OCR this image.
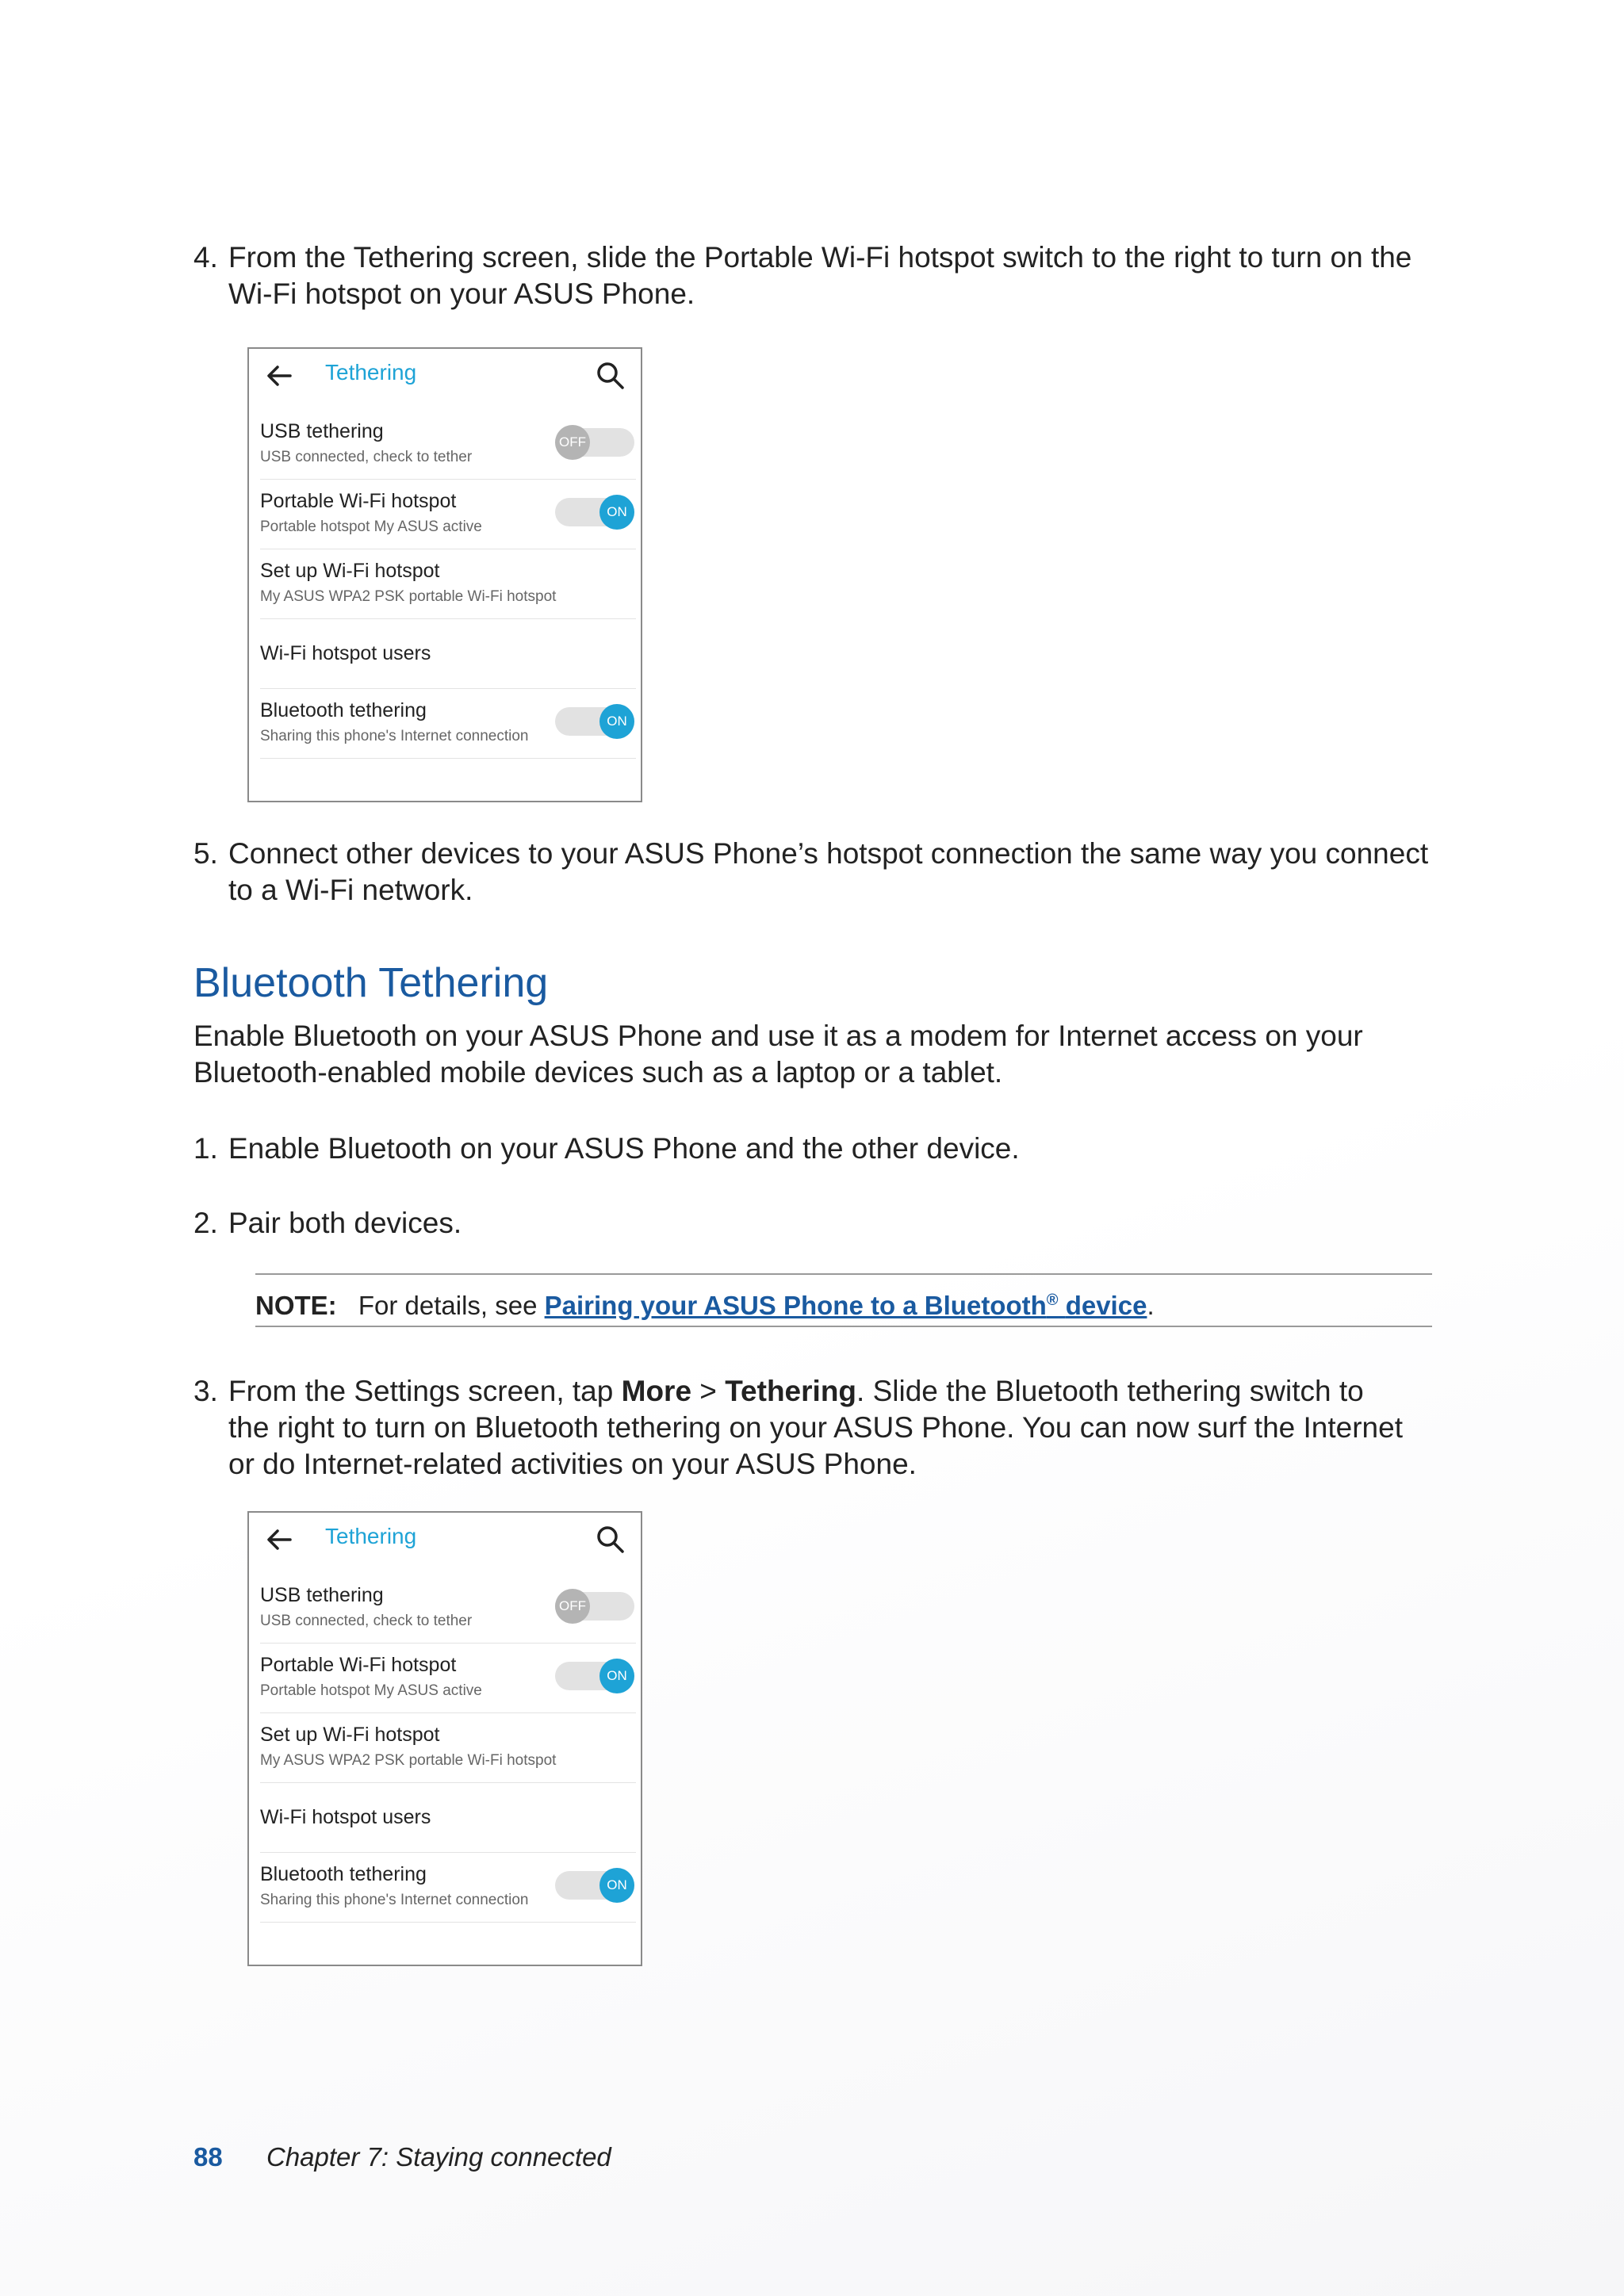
4. From the Tethering screen, slide the Portable Wi-Fi hotspot switch to the right to turn on the Wi-Fi hotspot on your ASUS Phone.
Tethering
USB tethering
USB connected, check to tether
OFF
Portable Wi-Fi hotspot
Portable hotspot My ASUS active
ON
Set up Wi-Fi hotspot
My ASUS WPA2 PSK portable Wi-Fi hotspot
Wi-Fi hotspot users
Bluetooth tethering
Sharing this phone's Internet connection
ON
5. Connect other devices to your ASUS Phone’s hotspot connection the same way you connect to a Wi-Fi network.
Bluetooth Tethering
Enable Bluetooth on your ASUS Phone and use it as a modem for Internet access on your Bluetooth-enabled mobile devices such as a laptop or a tablet.
1. Enable Bluetooth on your ASUS Phone and the other device.
2. Pair both devices.
NOTE: For details, see Pairing your ASUS Phone to a Bluetooth® device.
3. From the Settings screen, tap More > Tethering. Slide the Bluetooth tethering switch to the right to turn on Bluetooth tethering on your ASUS Phone. You can now surf the Internet or do Internet-related activities on your ASUS Phone.
Tethering
USB tethering
USB connected, check to tether
OFF
Portable Wi-Fi hotspot
Portable hotspot My ASUS active
ON
Set up Wi-Fi hotspot
My ASUS WPA2 PSK portable Wi-Fi hotspot
Wi-Fi hotspot users
Bluetooth tethering
Sharing this phone's Internet connection
ON
88 Chapter 7: Staying connected
